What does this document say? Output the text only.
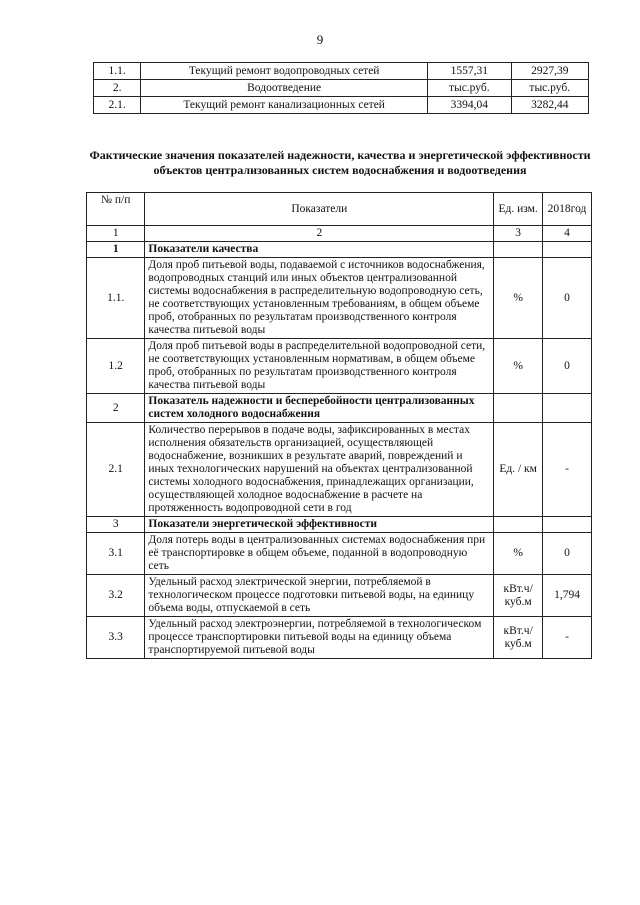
9
1.1.	Текущий ремонт водопроводных сетей	1557,31	2927,39
2.	Водоотведение	тыс.руб.	тыс.руб.
2.1.	Текущий ремонт канализационных сетей	3394,04	3282,44
Фактические значения показателей надежности, качества и энергетической эффективности объектов централизованных систем водоснабжения и водоотведения
№ п/п	Показатели	Ед. изм.	2018год
1	2	3	4
1	Показатели качества		
1.1.	Доля проб питьевой воды, подаваемой с источников водоснабжения, водопроводных станций или иных объектов централизованной системы водоснабжения в распределительную водопроводную сеть, не соответствующих установленным требованиям, в общем объеме проб, отобранных по результатам производственного контроля качества питьевой воды	%	0
1.2	Доля проб питьевой воды в распределительной водопроводной сети, не соответствующих установленным нормативам, в общем объеме проб, отобранных по результатам производственного контроля качества питьевой воды	%	0
2	Показатель надежности и бесперебойности централизованных систем холодного водоснабжения		
2.1	Количество перерывов в подаче воды, зафиксированных в местах исполнения обязательств организацией, осуществляющей водоснабжение, возникших в результате аварий, повреждений и иных технологических нарушений на объектах централизованной системы холодного водоснабжения, принадлежащих организации, осуществляющей холодное водоснабжение в расчете на протяженность водопроводной сети в год	Ед. / км	-
3	Показатели энергетической эффективности		
3.1	Доля потерь воды в централизованных системах водоснабжения при её транспортировке в общем объеме, поданной в водопроводную сеть	%	0
3.2	Удельный расход электрической энергии, потребляемой в технологическом процессе подготовки питьевой воды, на единицу объема воды, отпускаемой в сеть	кВт.ч/куб.м	1,794
3.3	Удельный расход электроэнергии, потребляемой в технологическом процессе транспортировки питьевой воды на единицу объема транспортируемой питьевой воды	кВт.ч/куб.м	-
